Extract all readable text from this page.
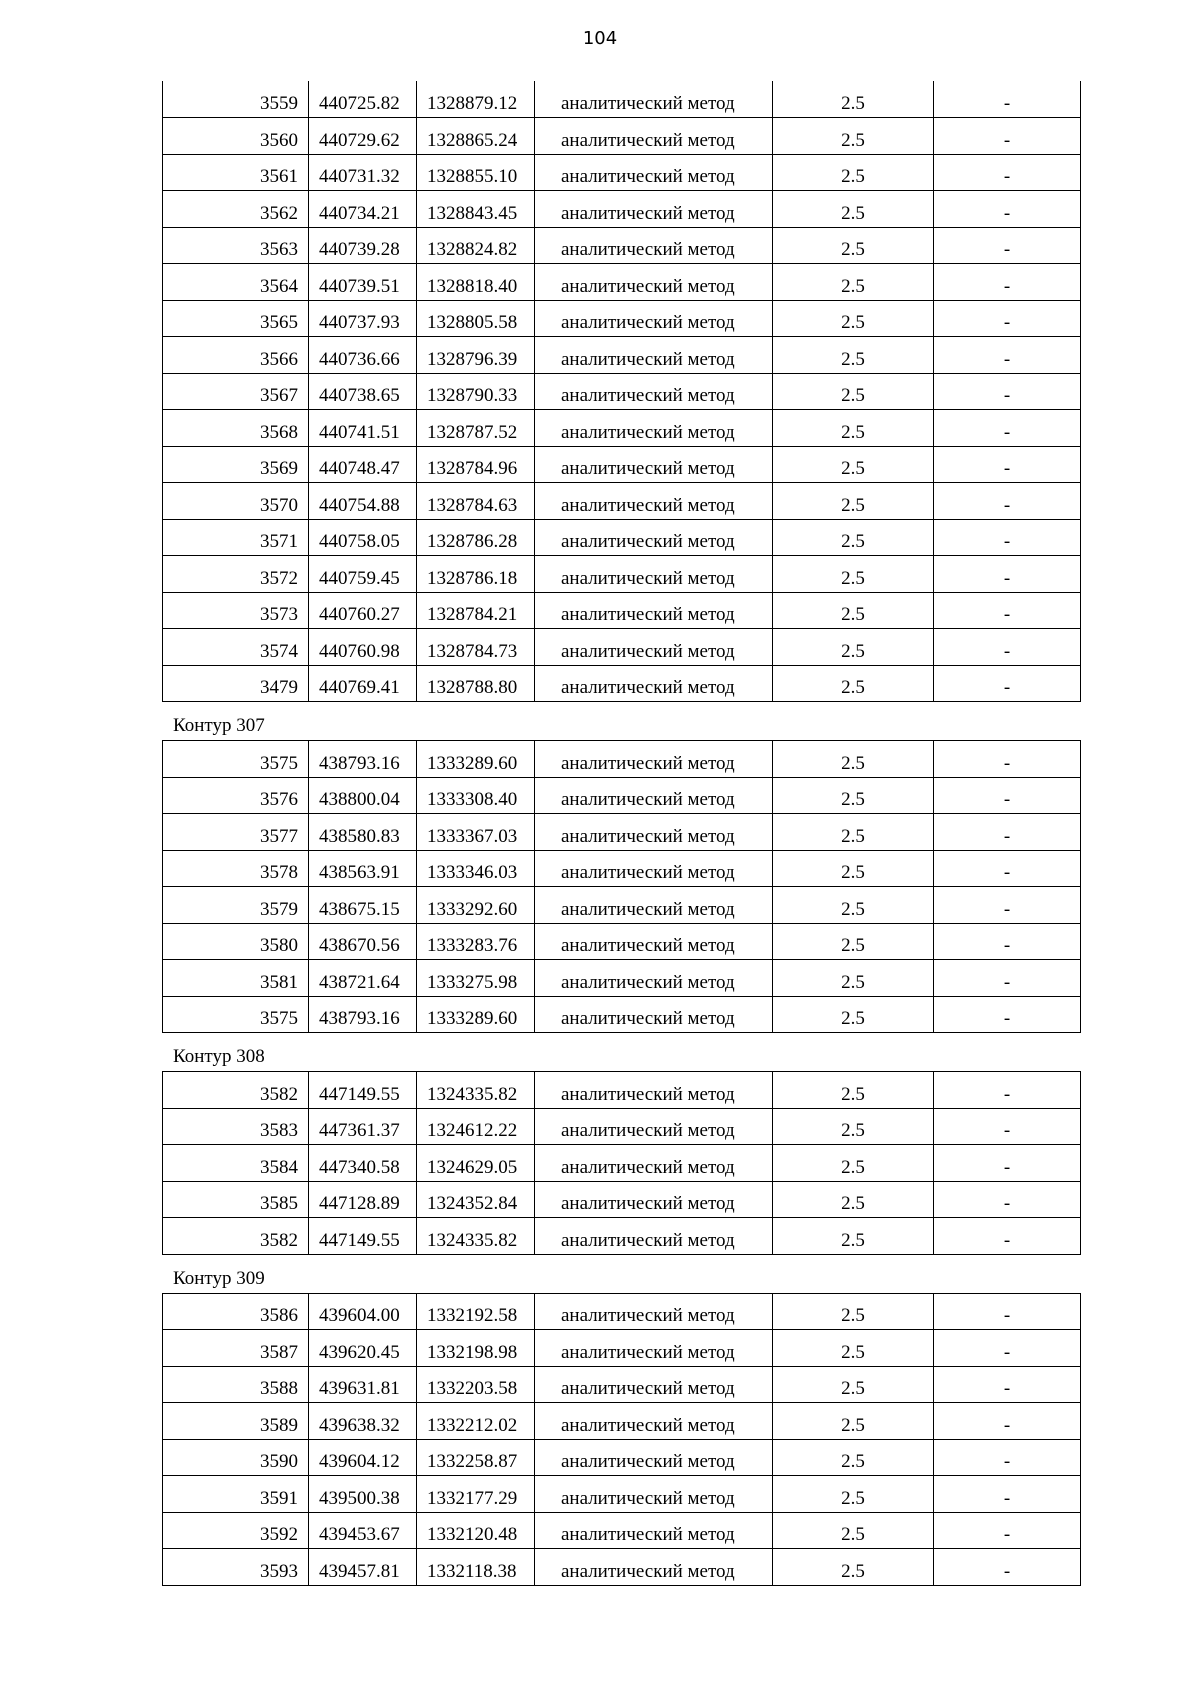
104
3559	440725.82	1328879.12	аналитический метод	2.5	-
3560	440729.62	1328865.24	аналитический метод	2.5	-
3561	440731.32	1328855.10	аналитический метод	2.5	-
3562	440734.21	1328843.45	аналитический метод	2.5	-
3563	440739.28	1328824.82	аналитический метод	2.5	-
3564	440739.51	1328818.40	аналитический метод	2.5	-
3565	440737.93	1328805.58	аналитический метод	2.5	-
3566	440736.66	1328796.39	аналитический метод	2.5	-
3567	440738.65	1328790.33	аналитический метод	2.5	-
3568	440741.51	1328787.52	аналитический метод	2.5	-
3569	440748.47	1328784.96	аналитический метод	2.5	-
3570	440754.88	1328784.63	аналитический метод	2.5	-
3571	440758.05	1328786.28	аналитический метод	2.5	-
3572	440759.45	1328786.18	аналитический метод	2.5	-
3573	440760.27	1328784.21	аналитический метод	2.5	-
3574	440760.98	1328784.73	аналитический метод	2.5	-
3479	440769.41	1328788.80	аналитический метод	2.5	-
Контур 307
3575	438793.16	1333289.60	аналитический метод	2.5	-
3576	438800.04	1333308.40	аналитический метод	2.5	-
3577	438580.83	1333367.03	аналитический метод	2.5	-
3578	438563.91	1333346.03	аналитический метод	2.5	-
3579	438675.15	1333292.60	аналитический метод	2.5	-
3580	438670.56	1333283.76	аналитический метод	2.5	-
3581	438721.64	1333275.98	аналитический метод	2.5	-
3575	438793.16	1333289.60	аналитический метод	2.5	-
Контур 308
3582	447149.55	1324335.82	аналитический метод	2.5	-
3583	447361.37	1324612.22	аналитический метод	2.5	-
3584	447340.58	1324629.05	аналитический метод	2.5	-
3585	447128.89	1324352.84	аналитический метод	2.5	-
3582	447149.55	1324335.82	аналитический метод	2.5	-
Контур 309
3586	439604.00	1332192.58	аналитический метод	2.5	-
3587	439620.45	1332198.98	аналитический метод	2.5	-
3588	439631.81	1332203.58	аналитический метод	2.5	-
3589	439638.32	1332212.02	аналитический метод	2.5	-
3590	439604.12	1332258.87	аналитический метод	2.5	-
3591	439500.38	1332177.29	аналитический метод	2.5	-
3592	439453.67	1332120.48	аналитический метод	2.5	-
3593	439457.81	1332118.38	аналитический метод	2.5	-
